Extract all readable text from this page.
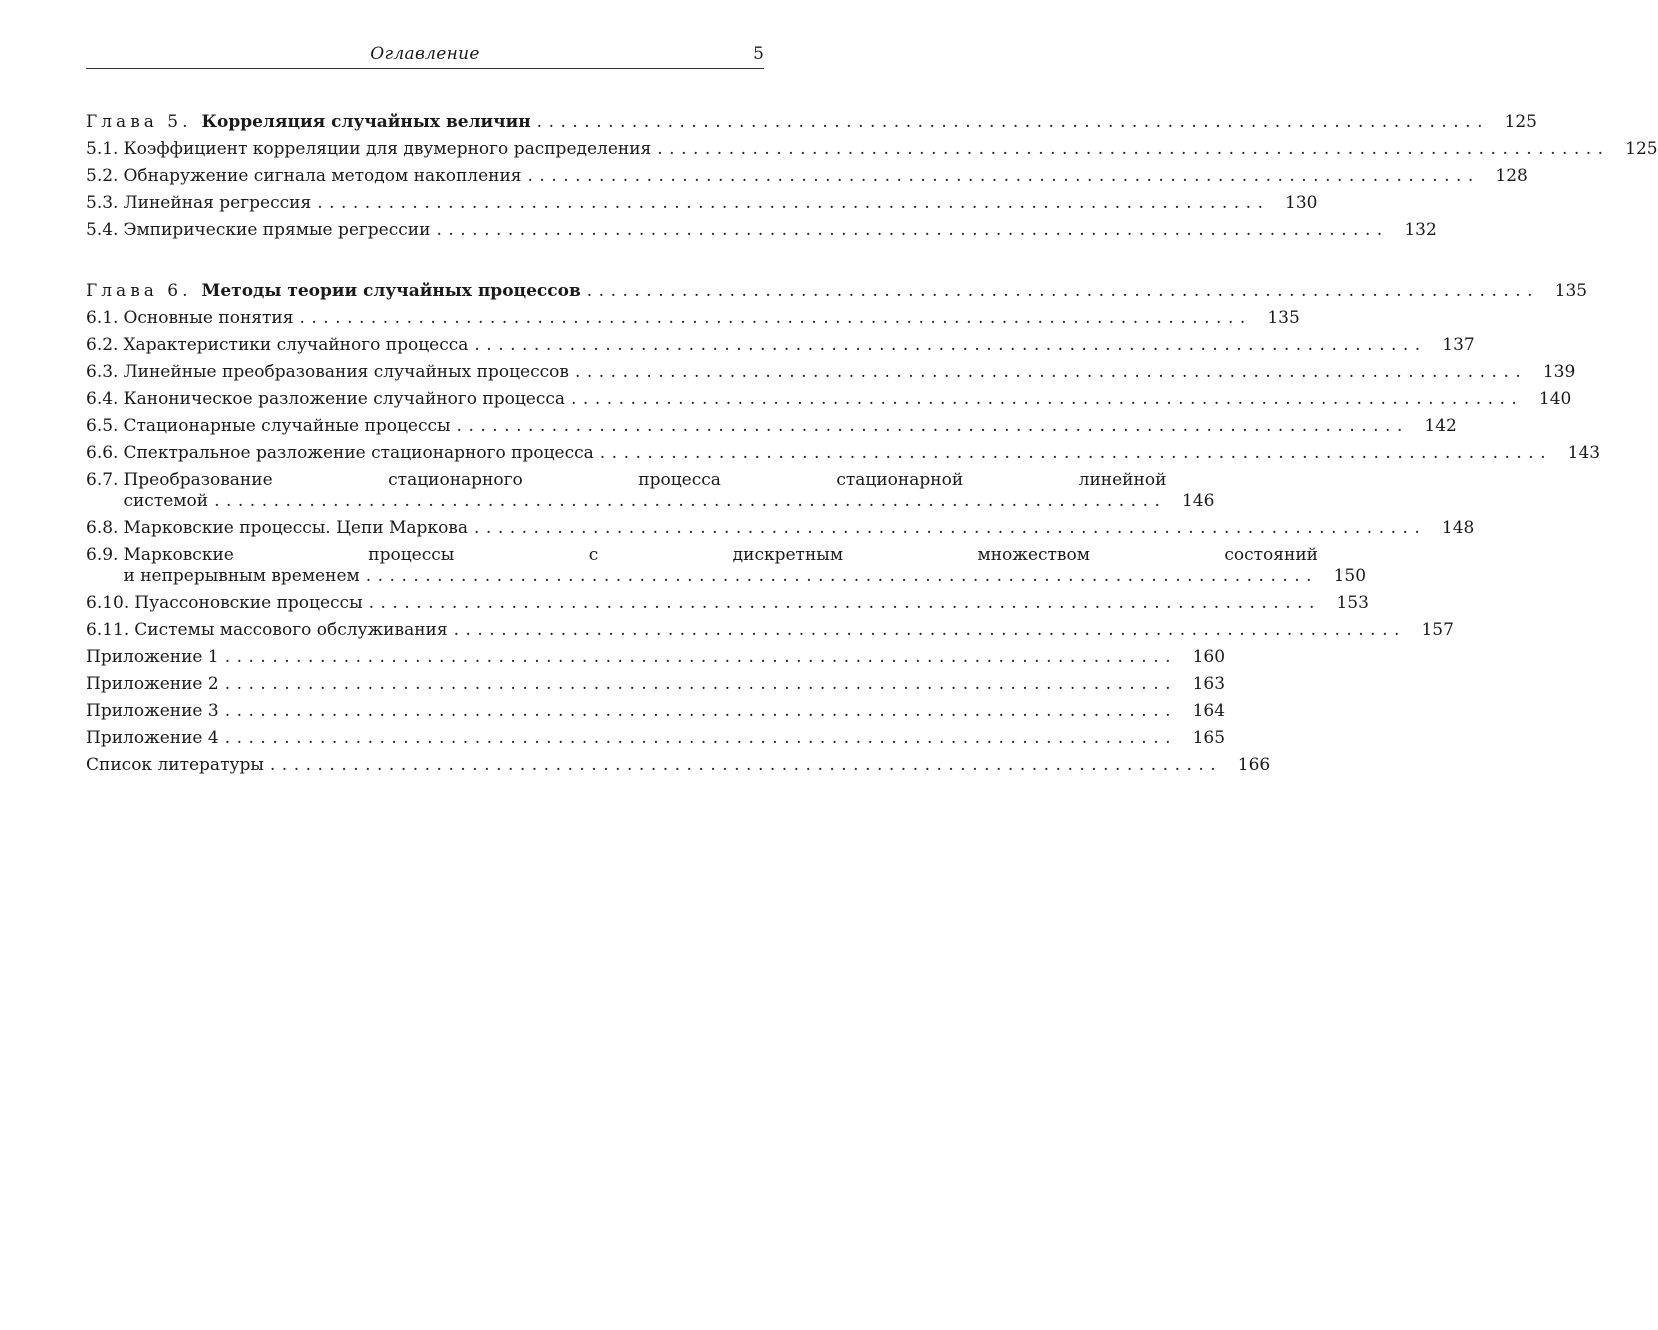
Оглавление	5
Глава 5. Корреляция случайных величин ................................................................................ 125
5.1. Коэффициент корреляции для двумерного распределения ................................................................................ 125
5.2. Обнаружение сигнала методом накопления ................................................................................ 128
5.3. Линейная регрессия ................................................................................ 130
5.4. Эмпирические прямые регрессии ................................................................................ 132
Глава 6. Методы теории случайных процессов ................................................................................ 135
6.1. Основные понятия ................................................................................ 135
6.2. Характеристики случайного процесса ................................................................................ 137
6.3. Линейные преобразования случайных процессов ................................................................................ 139
6.4. Каноническое разложение случайного процесса ................................................................................ 140
6.5. Стационарные случайные процессы ................................................................................ 142
6.6. Спектральное разложение стационарного процесса ................................................................................ 143
6.7. Преобразование	стационарного	процесса	стационарной	линейной
системой ................................................................................ 146
6.8. Марковские процессы. Цепи Маркова ................................................................................ 148
6.9. Марковские	процессы	с	дискретным	множеством	состояний
и непрерывным временем ................................................................................ 150
6.10. Пуассоновские процессы ................................................................................ 153
6.11. Системы массового обслуживания ................................................................................ 157
Приложение 1 ................................................................................ 160
Приложение 2 ................................................................................ 163
Приложение 3 ................................................................................ 164
Приложение 4 ................................................................................ 165
Список литературы ................................................................................ 166
